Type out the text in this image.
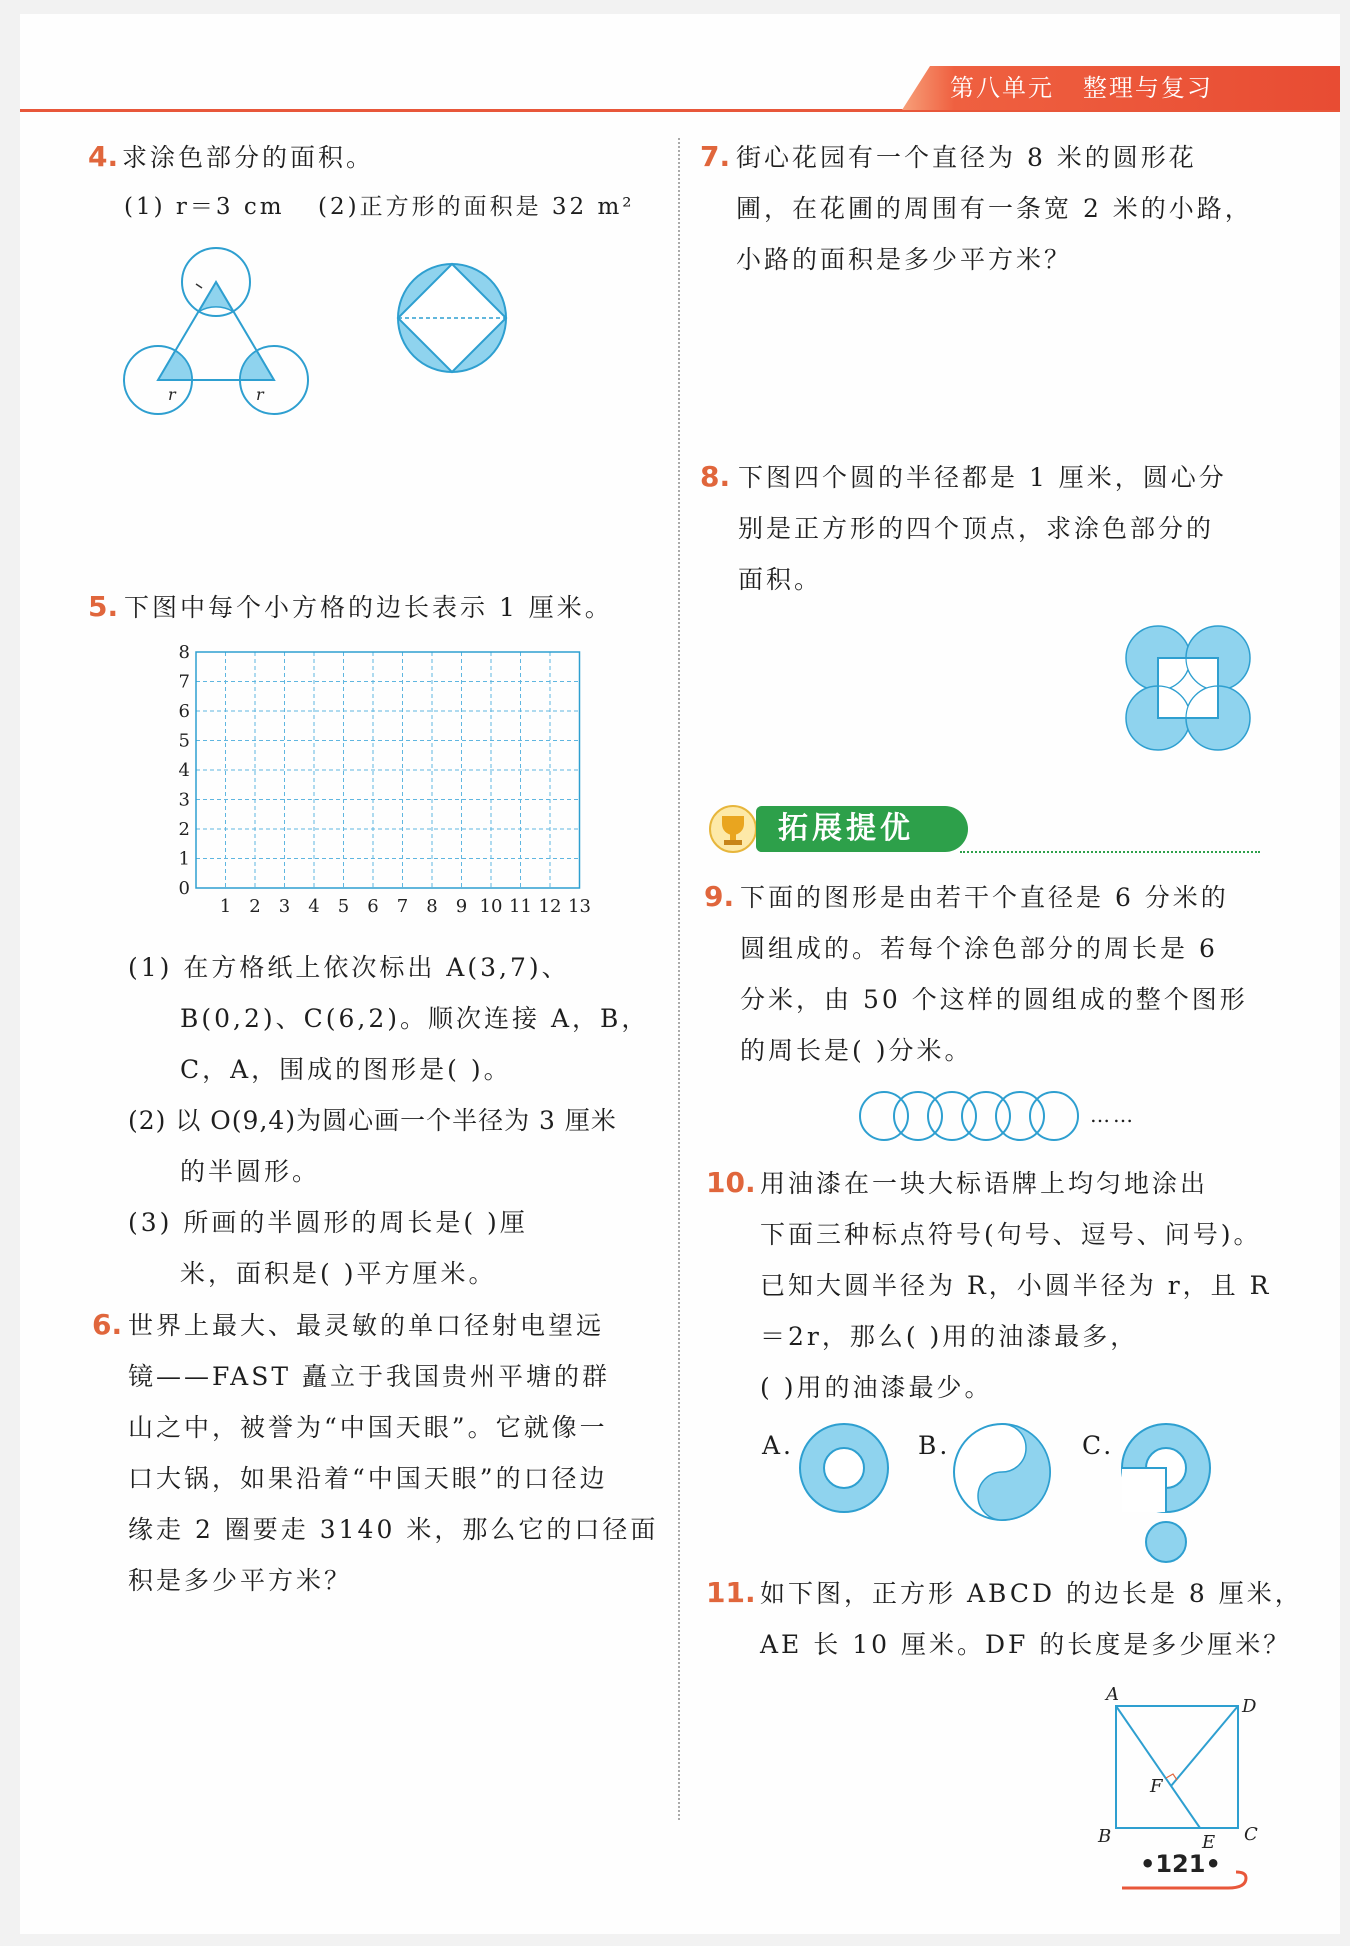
第八单元 整理与复习
4. 求涂色部分的面积。
(1) r＝3 cm (2)正方形的面积是 32 m²
r	r
5. 下图中每个小方格的边长表示 1 厘米。
8
7
6
5
4
3
2
1
0
1 2 3 4 5 6 7 8 9 10 11 12 13
(1) 在方格纸上依次标出 A(3,7)、
B(0,2)、C(6,2)。顺次连接 A，B，
C，A，围成的图形是( )。
(2) 以 O(9,4)为圆心画一个半径为 3 厘米
的半圆形。
(3) 所画的半圆形的周长是( )厘
米，面积是( )平方厘米。
6. 世界上最大、最灵敏的单口径射电望远
镜——FAST 矗立于我国贵州平塘的群
山之中，被誉为“中国天眼”。它就像一
口大锅，如果沿着“中国天眼”的口径边
缘走 2 圈要走 3140 米，那么它的口径面
积是多少平方米？
7. 街心花园有一个直径为 8 米的圆形花
圃，在花圃的周围有一条宽 2 米的小路，
小路的面积是多少平方米？
8. 下图四个圆的半径都是 1 厘米，圆心分
别是正方形的四个顶点，求涂色部分的
面积。
拓展提优
9. 下面的图形是由若干个直径是 6 分米的
圆组成的。若每个涂色部分的周长是 6
分米，由 50 个这样的圆组成的整个图形
的周长是( )分米。
……
10. 用油漆在一块大标语牌上均匀地涂出
下面三种标点符号(句号、逗号、问号)。
已知大圆半径为 R，小圆半径为 r，且 R
＝2r，那么( )用的油漆最多，
( )用的油漆最少。
A.	B.	C.
11. 如下图，正方形 ABCD 的边长是 8 厘米，
AE 长 10 厘米。DF 的长度是多少厘米？
A
D
B	C
E
F
•121•
